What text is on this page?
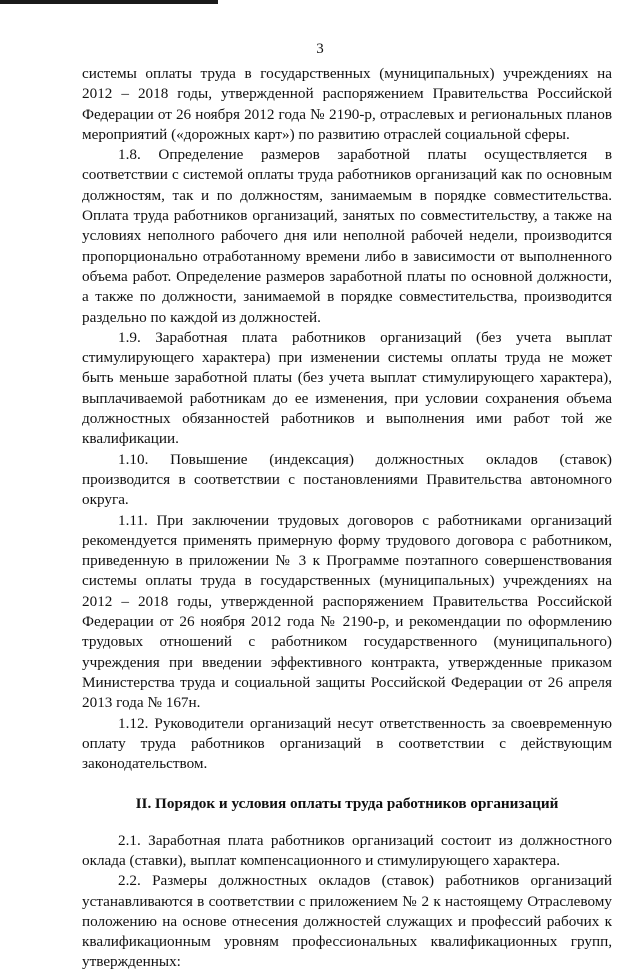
3

системы оплаты труда в государственных (муниципальных) учреждениях на 2012 – 2018 годы, утвержденной распоряжением Правительства Российской Федерации от 26 ноября 2012 года № 2190-р, отраслевых и региональных планов мероприятий («дорожных карт») по развитию отраслей социальной сферы.

1.8. Определение размеров заработной платы осуществляется в соответствии с системой оплаты труда работников организаций как по основным должностям, так и по должностям, занимаемым в порядке совместительства. Оплата труда работников организаций, занятых по совместительству, а также на условиях неполного рабочего дня или неполной рабочей недели, производится пропорционально отработанному времени либо в зависимости от выполненного объема работ. Определение размеров заработной платы по основной должности, а также по должности, занимаемой в порядке совместительства, производится раздельно по каждой из должностей.

1.9. Заработная плата работников организаций (без учета выплат стимулирующего характера) при изменении системы оплаты труда не может быть меньше заработной платы (без учета выплат стимулирующего характера), выплачиваемой работникам до ее изменения, при условии сохранения объема должностных обязанностей работников и выполнения ими работ той же квалификации.

1.10. Повышение (индексация) должностных окладов (ставок) производится в соответствии с постановлениями Правительства автономного округа.

1.11. При заключении трудовых договоров с работниками организаций рекомендуется применять примерную форму трудового договора с работником, приведенную в приложении № 3 к Программе поэтапного совершенствования системы оплаты труда в государственных (муниципальных) учреждениях на 2012 – 2018 годы, утвержденной распоряжением Правительства Российской Федерации от 26 ноября 2012 года № 2190-р, и рекомендации по оформлению трудовых отношений с работником государственного (муниципального) учреждения при введении эффективного контракта, утвержденные приказом Министерства труда и социальной защиты Российской Федерации от 26 апреля 2013 года № 167н.

1.12. Руководители организаций несут ответственность за своевременную оплату труда работников организаций в соответствии с действующим законодательством.

II. Порядок и условия оплаты труда работников организаций

2.1. Заработная плата работников организаций состоит из должностного оклада (ставки), выплат компенсационного и стимулирующего характера.

2.2. Размеры должностных окладов (ставок) работников организаций устанавливаются в соответствии с приложением № 2 к настоящему Отраслевому положению на основе отнесения должностей служащих и профессий рабочих к квалификационным уровням профессиональных квалификационных групп, утвержденных:
